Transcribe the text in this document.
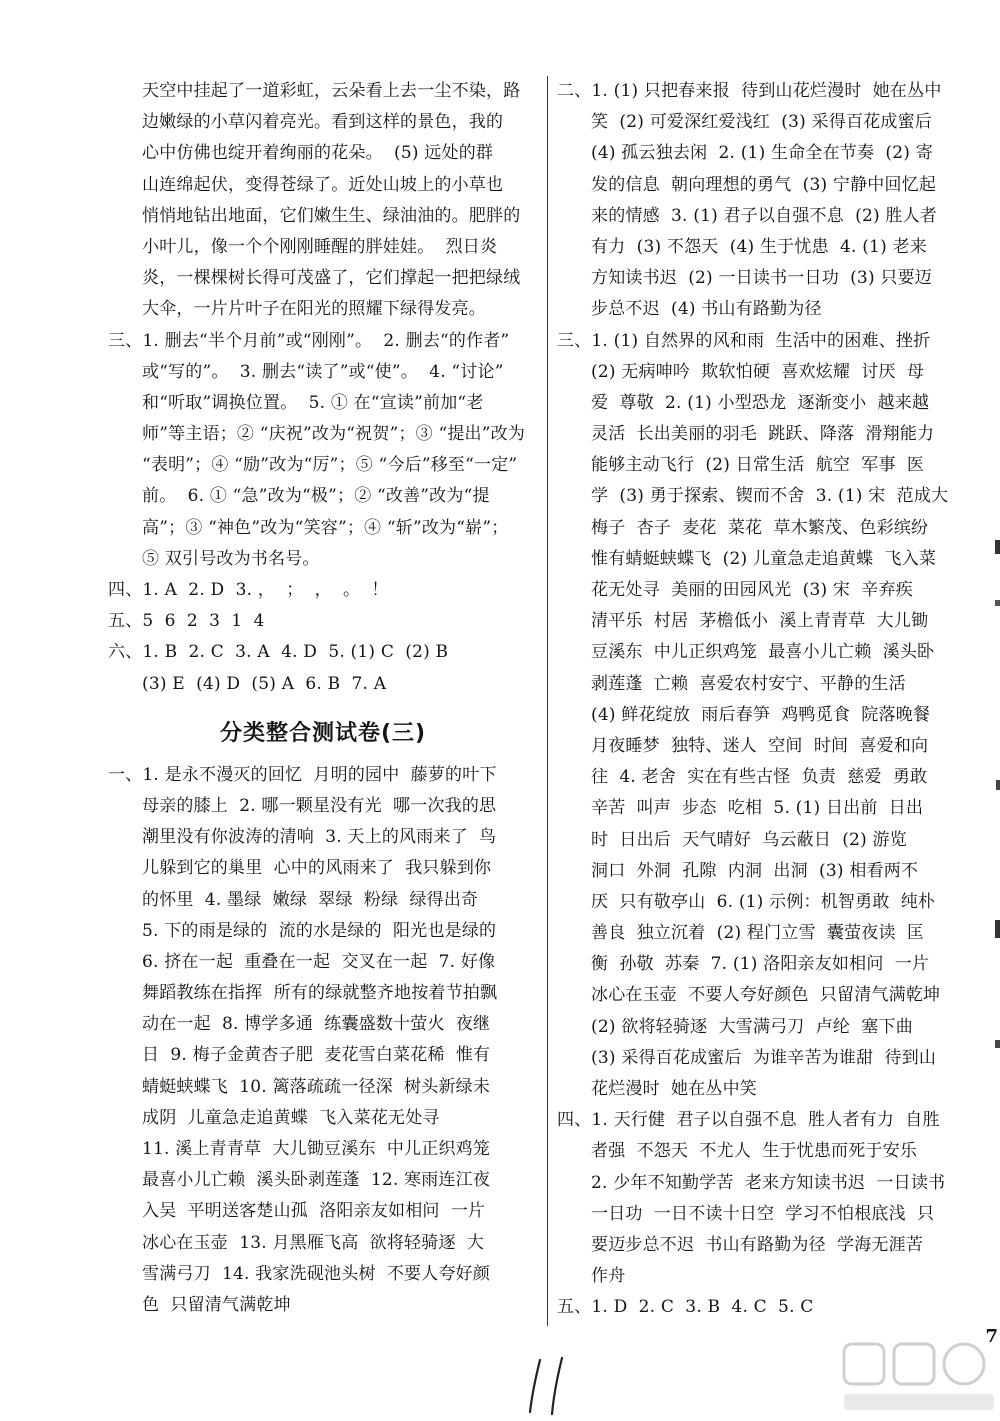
天空中挂起了一道彩虹，云朵看上去一尘不染，路
边嫩绿的小草闪着亮光。看到这样的景色，我的
心中仿佛也绽开着绚丽的花朵。  (5) 远处的群
山连绵起伏，变得苍绿了。近处山坡上的小草也
悄悄地钻出地面，它们嫩生生、绿油油的。肥胖的
小叶儿，像一个个刚刚睡醒的胖娃娃。  烈日炎
炎，一棵棵树长得可茂盛了，它们撑起一把把绿绒
大伞，一片片叶子在阳光的照耀下绿得发亮。
三、1. 删去“半个月前”或“刚刚”。  2. 删去“的作者”
或“写的”。  3. 删去“读了”或“使”。  4. “讨论”
和“听取”调换位置。  5. ① 在“宣读”前加“老
师”等主语；② “庆祝”改为“祝贺”；③ “提出”改为
“表明”；④ “励”改为“厉”；⑤ “今后”移至“一定”
前。  6. ① “急”改为“极”；② “改善”改为“提
高”；③ “神色”改为“笑容”；④ “斩”改为“崭”；
⑤ 双引号改为书名号。
四、1. A  2. D  3. ，  ；  ，  。  ！
五、5  6  2  3  1  4
六、1. B  2. C  3. A  4. D  5. (1) C  (2) B
(3) E  (4) D  (5) A  6. B  7. A
分类整合测试卷(三)
一、1. 是永不漫灭的回忆  月明的园中  藤萝的叶下
母亲的膝上  2. 哪一颗星没有光  哪一次我的思
潮里没有你波涛的清响  3. 天上的风雨来了  鸟
儿躲到它的巢里  心中的风雨来了  我只躲到你
的怀里  4. 墨绿  嫩绿  翠绿  粉绿  绿得出奇
5. 下的雨是绿的  流的水是绿的  阳光也是绿的
6. 挤在一起  重叠在一起  交叉在一起  7. 好像
舞蹈教练在指挥  所有的绿就整齐地按着节拍飘
动在一起  8. 博学多通  练囊盛数十萤火  夜继
日  9. 梅子金黄杏子肥  麦花雪白菜花稀  惟有
蜻蜓蛱蝶飞  10. 篱落疏疏一径深  树头新绿未
成阴  儿童急走追黄蝶  飞入菜花无处寻
11. 溪上青青草  大儿锄豆溪东  中儿正织鸡笼
最喜小儿亡赖  溪头卧剥莲蓬  12. 寒雨连江夜
入吴  平明送客楚山孤  洛阳亲友如相问  一片
冰心在玉壶  13. 月黑雁飞高  欲将轻骑逐  大
雪满弓刀  14. 我家洗砚池头树  不要人夸好颜
色  只留清气满乾坤
二、1. (1) 只把春来报  待到山花烂漫时  她在丛中
笑  (2) 可爱深红爱浅红  (3) 采得百花成蜜后
(4) 孤云独去闲  2. (1) 生命全在节奏  (2) 寄
发的信息  朝向理想的勇气  (3) 宁静中回忆起
来的情感  3. (1) 君子以自强不息  (2) 胜人者
有力  (3) 不怨天  (4) 生于忧患  4. (1) 老来
方知读书迟  (2) 一日读书一日功  (3) 只要迈
步总不迟  (4) 书山有路勤为径
三、1. (1) 自然界的风和雨  生活中的困难、挫折
(2) 无病呻吟  欺软怕硬  喜欢炫耀  讨厌  母
爱  尊敬  2. (1) 小型恐龙  逐渐变小  越来越
灵活  长出美丽的羽毛  跳跃、降落  滑翔能力
能够主动飞行  (2) 日常生活  航空  军事  医
学  (3) 勇于探索、锲而不舍  3. (1) 宋  范成大
梅子  杏子  麦花  菜花  草木繁茂、色彩缤纷
惟有蜻蜓蛱蝶飞  (2) 儿童急走追黄蝶  飞入菜
花无处寻  美丽的田园风光  (3) 宋  辛弃疾
清平乐  村居  茅檐低小  溪上青青草  大儿锄
豆溪东  中儿正织鸡笼  最喜小儿亡赖  溪头卧
剥莲蓬  亡赖  喜爱农村安宁、平静的生活
(4) 鲜花绽放  雨后春笋  鸡鸭觅食  院落晚餐
月夜睡梦  独特、迷人  空间  时间  喜爱和向
往  4. 老舍  实在有些古怪  负责  慈爱  勇敢
辛苦  叫声  步态  吃相  5. (1) 日出前  日出
时  日出后  天气晴好  乌云蔽日  (2) 游览
洞口  外洞  孔隙  内洞  出洞  (3) 相看两不
厌  只有敬亭山  6. (1) 示例：机智勇敢  纯朴
善良  独立沉着  (2) 程门立雪  囊萤夜读  匡
衡  孙敬  苏秦  7. (1) 洛阳亲友如相问  一片
冰心在玉壶  不要人夸好颜色  只留清气满乾坤
(2) 欲将轻骑逐  大雪满弓刀  卢纶  塞下曲
(3) 采得百花成蜜后  为谁辛苦为谁甜  待到山
花烂漫时  她在丛中笑
四、1. 天行健  君子以自强不息  胜人者有力  自胜
者强  不怨天  不尤人  生于忧患而死于安乐
2. 少年不知勤学苦  老来方知读书迟  一日读书
一日功  一日不读十日空  学习不怕根底浅  只
要迈步总不迟  书山有路勤为径  学海无涯苦
作舟
五、1. D  2. C  3. B  4. C  5. C
7
